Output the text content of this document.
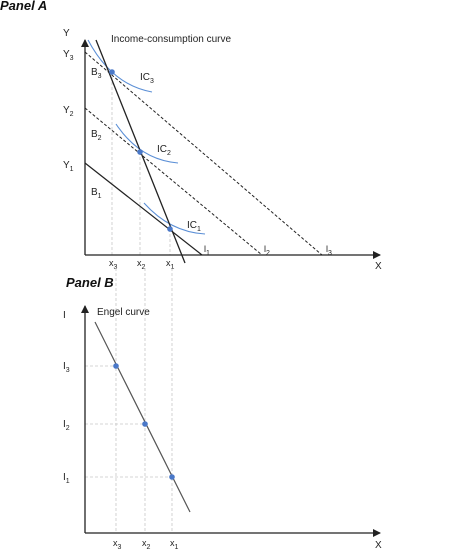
Panel A
Y
X
Income-consumption curve
$Y_3$
$Y_2$
$Y_1$
$B_3$
$B_2$
$B_1$
$IC_3$
$IC_2$
$IC_1$
$l_1$	$l_2$	$l_3$
$x_3$ $x_2$ $x_1$
Panel B
I
X
Engel curve
$I_3$
$I_2$
$I_1$
$x_3$ $x_2$ $x_1$
